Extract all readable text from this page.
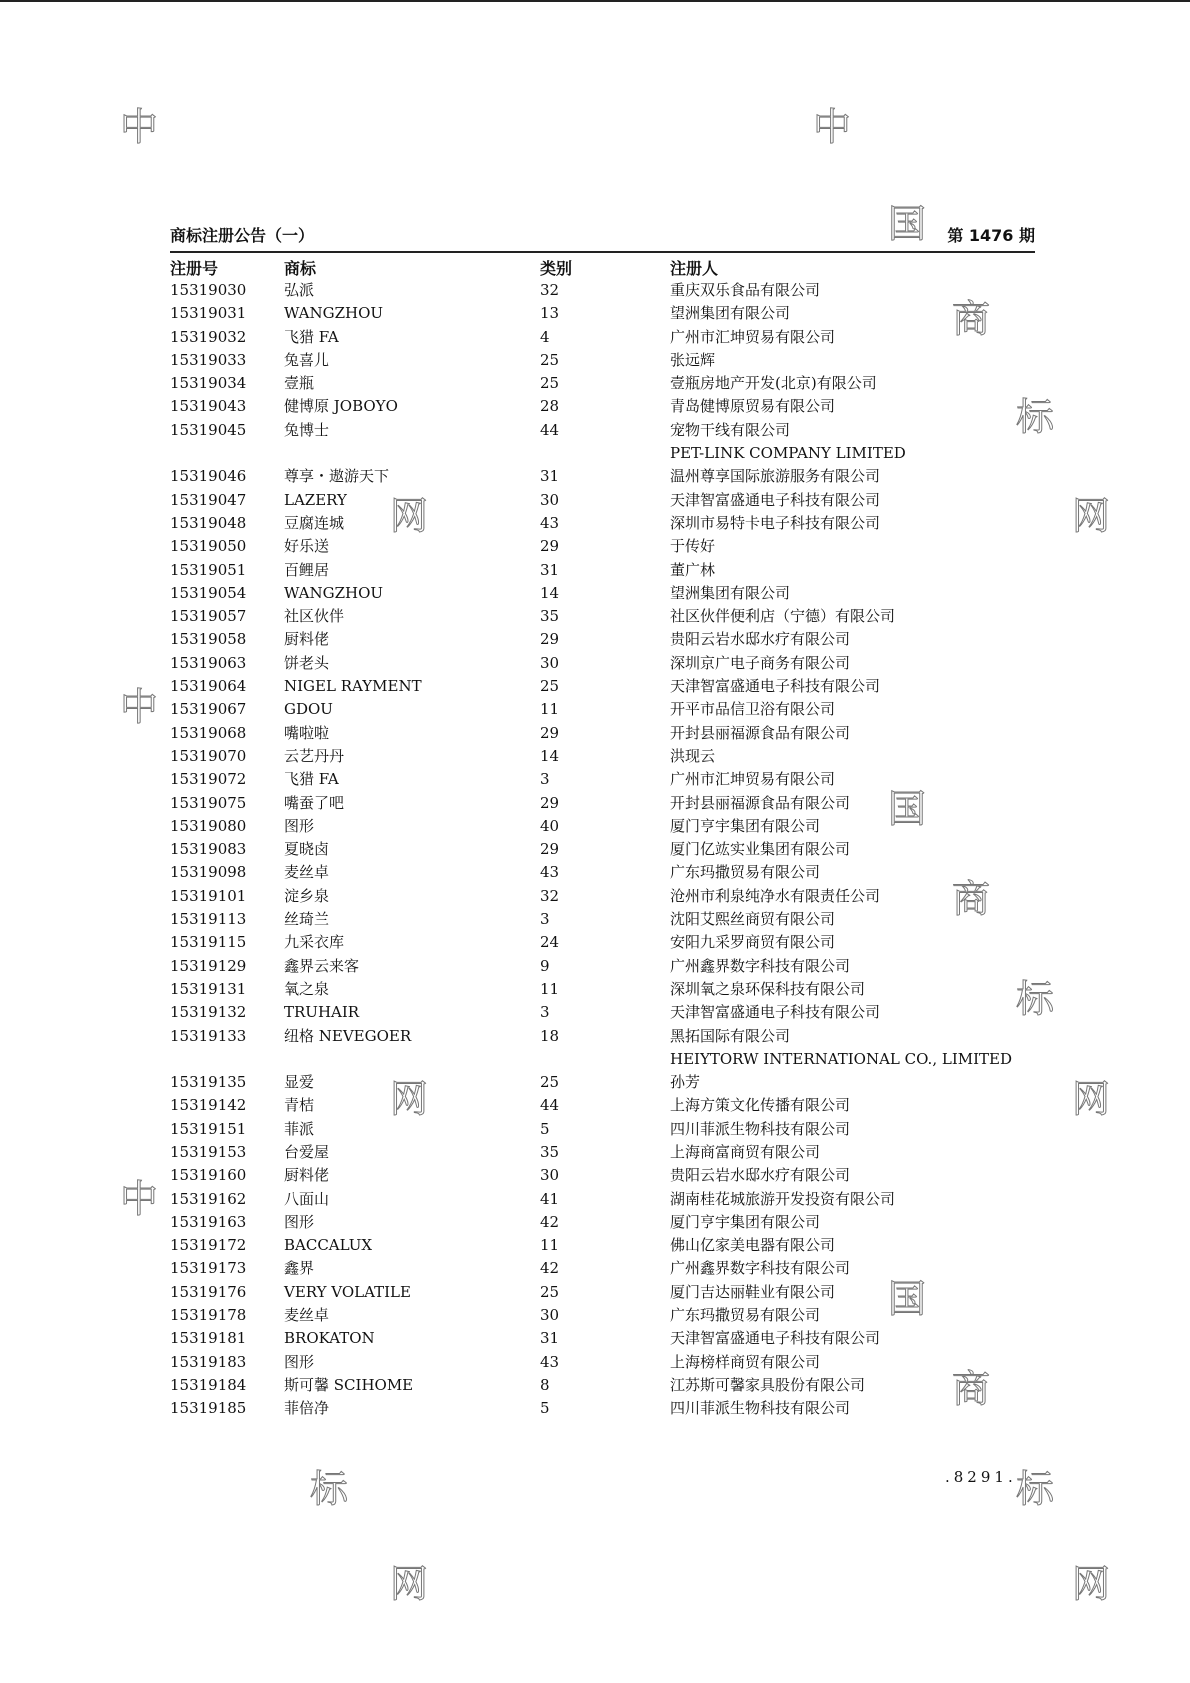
中	中
国
商
标
网
网
中
国
商
标
网
网
中
国
商
标	标
网	网
商标注册公告（一）	第 1476 期
注册号	商标	类别	注册人
15319030	弘派	32	重庆双乐食品有限公司
15319031	WANGZHOU	13	望洲集团有限公司
15319032	飞猎 FA	4	广州市汇坤贸易有限公司
15319033	兔喜儿	25	张远辉
15319034	壹瓶	25	壹瓶房地产开发(北京)有限公司
15319043	健博原 JOBOYO	28	青岛健博原贸易有限公司
15319045	兔博士	44	宠物干线有限公司
PET-LINK COMPANY LIMITED
15319046	尊享・遨游天下	31	温州尊享国际旅游服务有限公司
15319047	LAZERY	30	天津智富盛通电子科技有限公司
15319048	豆腐连城	43	深圳市易特卡电子科技有限公司
15319050	好乐送	29	于传好
15319051	百鲤居	31	董广林
15319054	WANGZHOU	14	望洲集团有限公司
15319057	社区伙伴	35	社区伙伴便利店（宁德）有限公司
15319058	厨料佬	29	贵阳云岩水邸水疗有限公司
15319063	饼老头	30	深圳京广电子商务有限公司
15319064	NIGEL RAYMENT	25	天津智富盛通电子科技有限公司
15319067	GDOU	11	开平市品信卫浴有限公司
15319068	嘴啦啦	29	开封县丽福源食品有限公司
15319070	云艺丹丹	14	洪现云
15319072	飞猎 FA	3	广州市汇坤贸易有限公司
15319075	嘴蚕了吧	29	开封县丽福源食品有限公司
15319080	图形	40	厦门亨宇集团有限公司
15319083	夏晓卤	29	厦门亿竑实业集团有限公司
15319098	麦丝卓	43	广东玛撒贸易有限公司
15319101	淀乡泉	32	沧州市利泉纯净水有限责任公司
15319113	丝琦兰	3	沈阳艾熙丝商贸有限公司
15319115	九采衣库	24	安阳九采罗商贸有限公司
15319129	鑫界云来客	9	广州鑫界数字科技有限公司
15319131	氧之泉	11	深圳氧之泉环保科技有限公司
15319132	TRUHAIR	3	天津智富盛通电子科技有限公司
15319133	纽格 NEVEGOER	18	黑拓国际有限公司
HEIYTORW INTERNATIONAL CO., LIMITED
15319135	显爱	25	孙芳
15319142	青桔	44	上海方策文化传播有限公司
15319151	菲派	5	四川菲派生物科技有限公司
15319153	台爱屋	35	上海商富商贸有限公司
15319160	厨料佬	30	贵阳云岩水邸水疗有限公司
15319162	八面山	41	湖南桂花城旅游开发投资有限公司
15319163	图形	42	厦门亨宇集团有限公司
15319172	BACCALUX	11	佛山亿家美电器有限公司
15319173	鑫界	42	广州鑫界数字科技有限公司
15319176	VERY VOLATILE	25	厦门吉达丽鞋业有限公司
15319178	麦丝卓	30	广东玛撒贸易有限公司
15319181	BROKATON	31	天津智富盛通电子科技有限公司
15319183	图形	43	上海榜样商贸有限公司
15319184	斯可馨 SCIHOME	8	江苏斯可馨家具股份有限公司
15319185	菲倍净	5	四川菲派生物科技有限公司
.8291.
